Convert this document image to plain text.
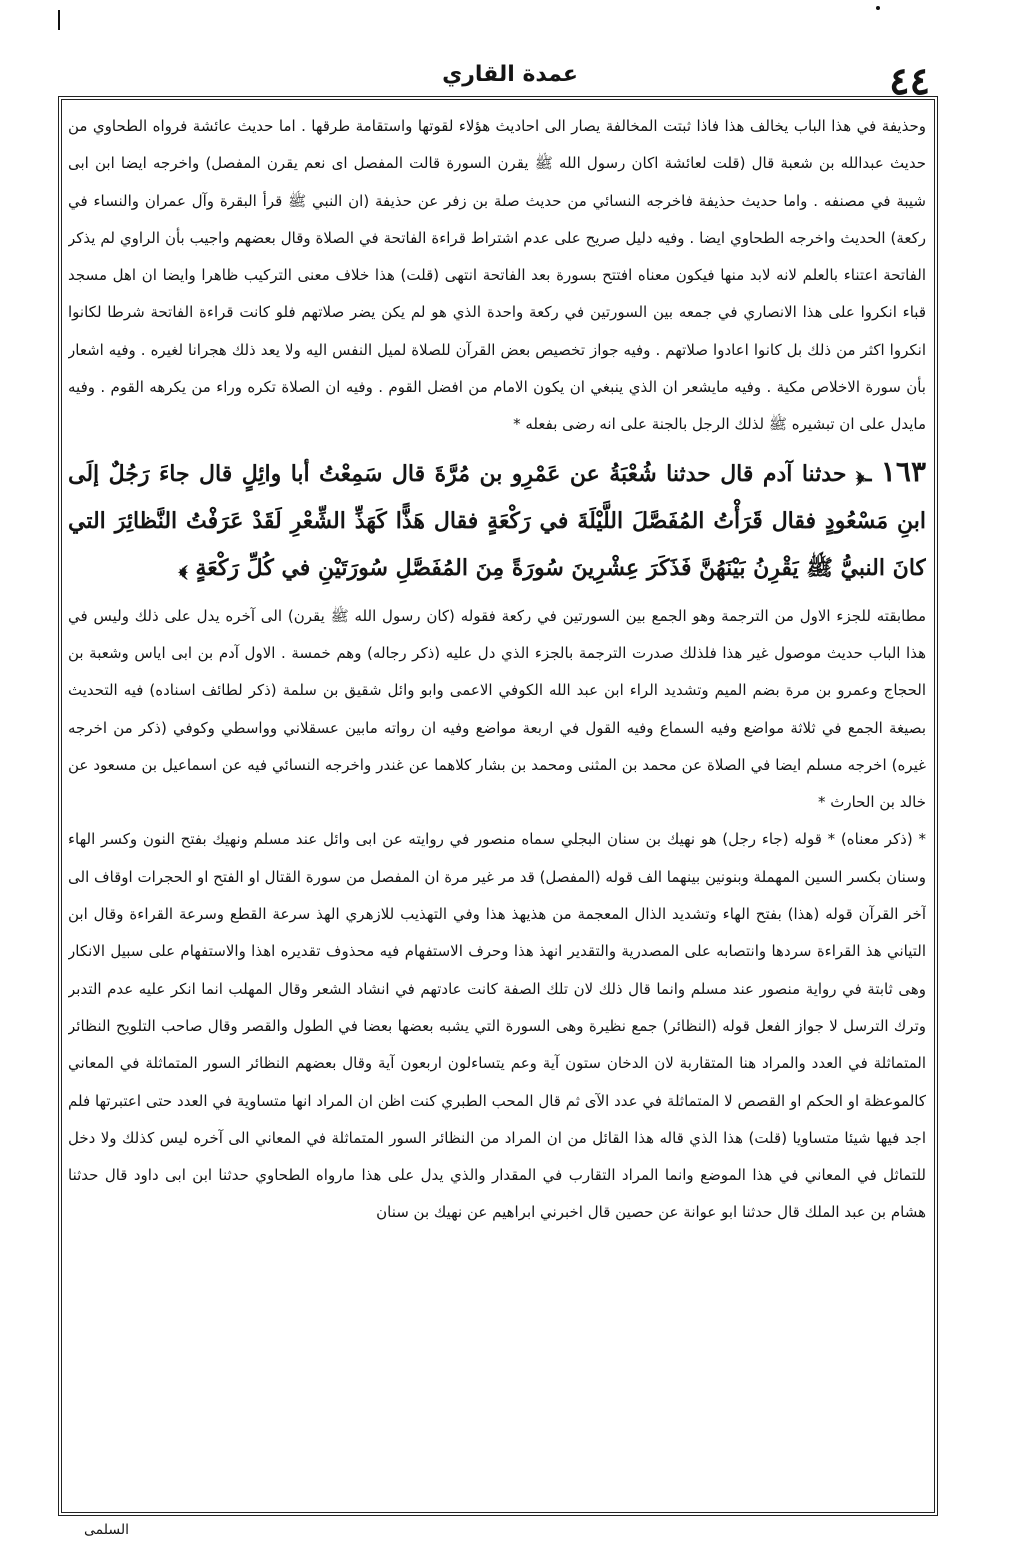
٤٤
عمدة القاري

وحذيفة في هذا الباب يخالف هذا فاذا ثبتت المخالفة يصار الى احاديث هؤلاء لقوتها واستقامة طرقها . اما حديث عائشة فرواه الطحاوي من حديث عبدالله بن شعبة قال (قلت لعائشة اكان رسول الله ﷺ يقرن السورة قالت المفصل اى نعم يقرن المفصل) واخرجه ايضا ابن ابى شيبة في مصنفه . واما حديث حذيفة فاخرجه النسائي من حديث صلة بن زفر عن حذيفة (ان النبي ﷺ قرأ البقرة وآل عمران والنساء في ركعة) الحديث واخرجه الطحاوي ايضا . وفيه دليل صريح على عدم اشتراط قراءة الفاتحة في الصلاة وقال بعضهم واجيب بأن الراوي لم يذكر الفاتحة اعتناء بالعلم لانه لابد منها فيكون معناه افتتح بسورة بعد الفاتحة انتهى (قلت) هذا خلاف معنى التركيب ظاهرا وايضا ان اهل مسجد قباء انكروا على هذا الانصاري في جمعه بين السورتين في ركعة واحدة الذي هو لم يكن يضر صلاتهم فلو كانت قراءة الفاتحة شرطا لكانوا انكروا اكثر من ذلك بل كانوا اعادوا صلاتهم . وفيه جواز تخصيص بعض القرآن للصلاة لميل النفس اليه ولا يعد ذلك هجرانا لغيره . وفيه اشعار بأن سورة الاخلاص مكية . وفيه مايشعر ان الذي ينبغي ان يكون الامام من افضل القوم . وفيه ان الصلاة تكره وراء من يكرهه القوم . وفيه مايدل على ان تبشيره ﷺ لذلك الرجل بالجنة على انه رضى بفعله *

١٦٣ ـ﴿ حدثنا آدم قال حدثنا شُعْبَةُ عن عَمْرِو بن مُرَّةَ قال سَمِعْتُ أبا وائِلٍ قال جاءَ رَجُلٌ إلَى ابنِ مَسْعُودٍ فقال قَرَأْتُ المُفَصَّلَ اللَّيْلَةَ في رَكْعَةٍ فقال هَذًّا كَهَذِّ الشِّعْرِ لَقَدْ عَرَفْتُ النَّظائِرَ التي كانَ النبيُّ ﷺ يَقْرِنُ بَيْنَهُنَّ فَذَكَرَ عِشْرِينَ سُورَةً مِنَ المُفَصَّلِ سُورَتَيْنِ في كُلِّ رَكْعَةٍ ﴾

مطابقته للجزء الاول من الترجمة وهو الجمع بين السورتين في ركعة فقوله (كان رسول الله ﷺ يقرن) الى آخره يدل على ذلك وليس في هذا الباب حديث موصول غير هذا فلذلك صدرت الترجمة بالجزء الذي دل عليه (ذكر رجاله) وهم خمسة . الاول آدم بن ابى اياس وشعبة بن الحجاج وعمرو بن مرة بضم الميم وتشديد الراء ابن عبد الله الكوفي الاعمى وابو وائل شقيق بن سلمة (ذكر لطائف اسناده) فيه التحديث بصيغة الجمع في ثلاثة مواضع وفيه السماع وفيه القول في اربعة مواضع وفيه ان رواته مابين عسقلاني وواسطي وكوفي (ذكر من اخرجه غيره) اخرجه مسلم ايضا في الصلاة عن محمد بن المثنى ومحمد بن بشار كلاهما عن غندر واخرجه النسائي فيه عن اسماعيل بن مسعود عن خالد بن الحارث *

* (ذكر معناه) * قوله (جاء رجل) هو نهيك بن سنان البجلي سماه منصور في روايته عن ابى وائل عند مسلم ونهيك بفتح النون وكسر الهاء وسنان بكسر السين المهملة وبنونين بينهما الف قوله (المفصل) قد مر غير مرة ان المفصل من سورة القتال او الفتح او الحجرات اوقاف الى آخر القرآن قوله (هذا) بفتح الهاء وتشديد الذال المعجمة من هذيهذ هذا وفي التهذيب للازهري الهذ سرعة القطع وسرعة القراءة وقال ابن التياني هذ القراءة سردها وانتصابه على المصدرية والتقدير انهذ هذا وحرف الاستفهام فيه محذوف تقديره اهذا والاستفهام على سبيل الانكار وهى ثابتة في رواية منصور عند مسلم وانما قال ذلك لان تلك الصفة كانت عادتهم في انشاد الشعر وقال المهلب انما انكر عليه عدم التدبر وترك الترسل لا جواز الفعل قوله (النظائر) جمع نظيرة وهى السورة التي يشبه بعضها بعضا في الطول والقصر وقال صاحب التلويح النظائر المتماثلة في العدد والمراد هنا المتقاربة لان الدخان ستون آية وعم يتساءلون اربعون آية وقال بعضهم النظائر السور المتماثلة في المعاني كالموعظة او الحكم او القصص لا المتماثلة في عدد الآى ثم قال المحب الطبري كنت اظن ان المراد انها متساوية في العدد حتى اعتبرتها فلم اجد فيها شيئا متساويا (قلت) هذا الذي قاله هذا القائل من ان المراد من النظائر السور المتماثلة في المعاني الى آخره ليس كذلك ولا دخل للتماثل في المعاني في هذا الموضع وانما المراد التقارب في المقدار والذي يدل على هذا مارواه الطحاوي حدثنا ابن ابى داود قال حدثنا هشام بن عبد الملك قال حدثنا ابو عوانة عن حصين قال اخبرني ابراهيم عن نهيك بن سنان

السلمى
